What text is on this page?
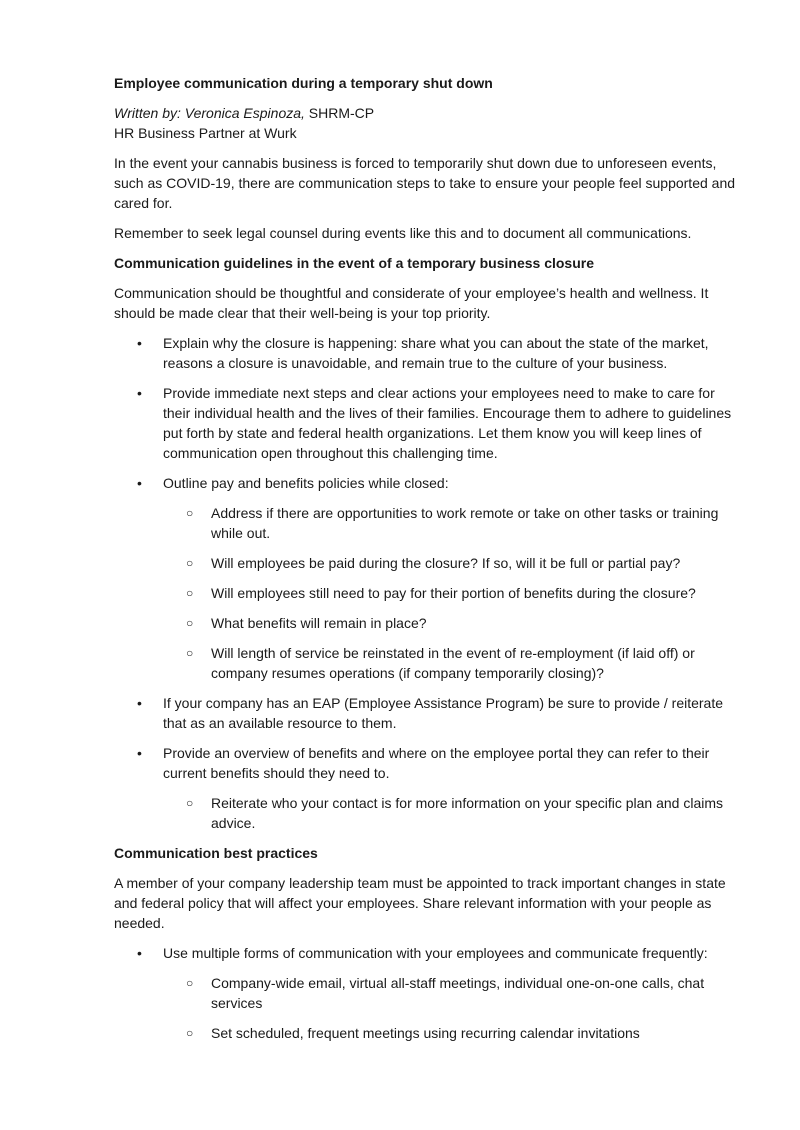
Employee communication during a temporary shut down

Written by: Veronica Espinoza, SHRM-CP
HR Business Partner at Wurk

In the event your cannabis business is forced to temporarily shut down due to unforeseen events, such as COVID-19, there are communication steps to take to ensure your people feel supported and cared for.

Remember to seek legal counsel during events like this and to document all communications.

Communication guidelines in the event of a temporary business closure

Communication should be thoughtful and considerate of your employee’s health and wellness. It should be made clear that their well-being is your top priority.

• Explain why the closure is happening: share what you can about the state of the market, reasons a closure is unavoidable, and remain true to the culture of your business.
• Provide immediate next steps and clear actions your employees need to make to care for their individual health and the lives of their families. Encourage them to adhere to guidelines put forth by state and federal health organizations. Let them know you will keep lines of communication open throughout this challenging time.
• Outline pay and benefits policies while closed:
○ Address if there are opportunities to work remote or take on other tasks or training while out.
○ Will employees be paid during the closure? If so, will it be full or partial pay?
○ Will employees still need to pay for their portion of benefits during the closure?
○ What benefits will remain in place?
○ Will length of service be reinstated in the event of re-employment (if laid off) or company resumes operations (if company temporarily closing)?
• If your company has an EAP (Employee Assistance Program) be sure to provide / reiterate that as an available resource to them.
• Provide an overview of benefits and where on the employee portal they can refer to their current benefits should they need to.
○ Reiterate who your contact is for more information on your specific plan and claims advice.

Communication best practices

A member of your company leadership team must be appointed to track important changes in state and federal policy that will affect your employees. Share relevant information with your people as needed.

• Use multiple forms of communication with your employees and communicate frequently:
○ Company-wide email, virtual all-staff meetings, individual one-on-one calls, chat services
○ Set scheduled, frequent meetings using recurring calendar invitations
